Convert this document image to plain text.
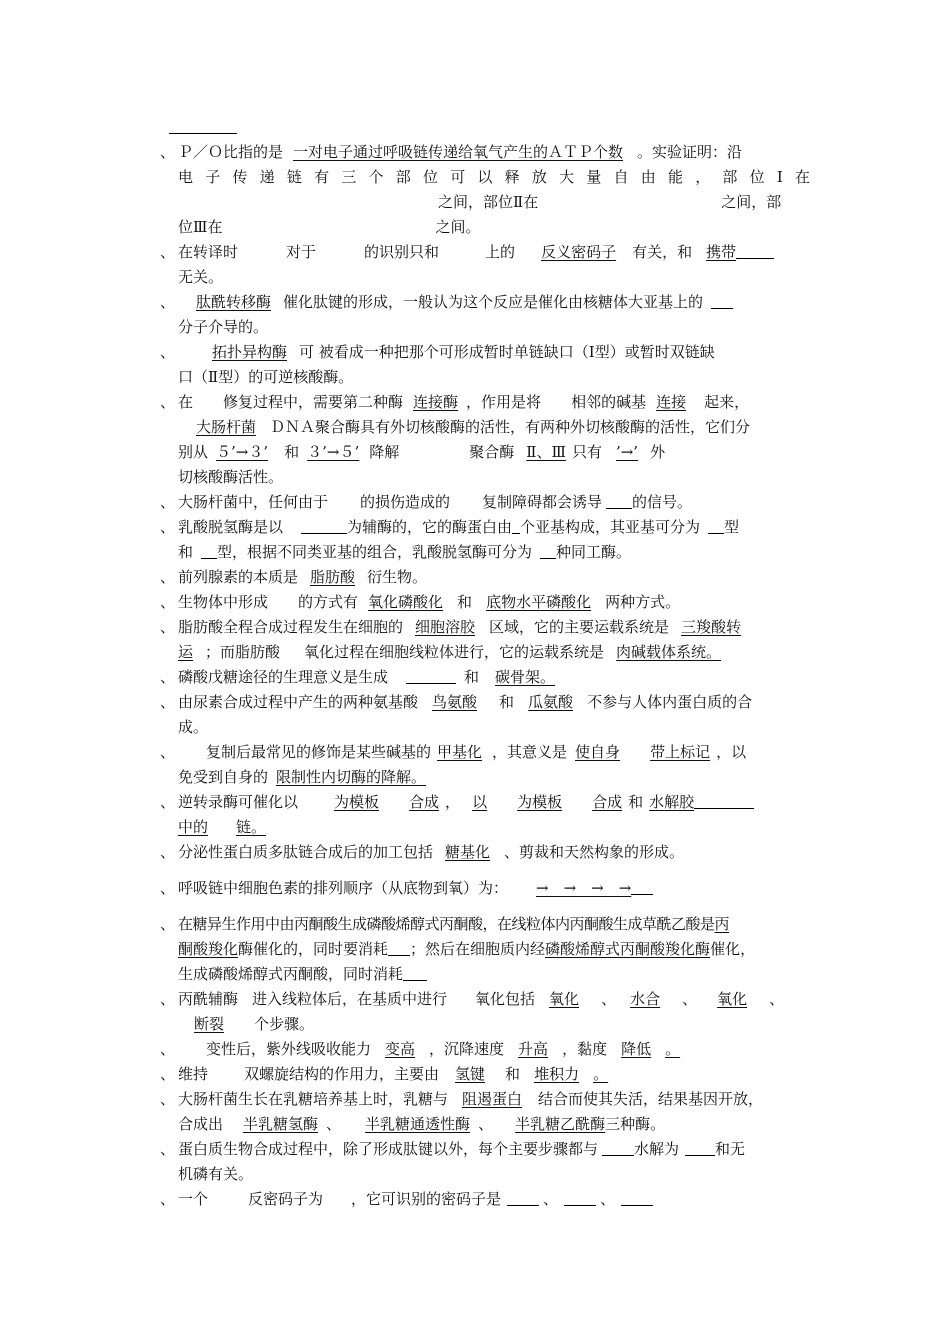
、 Ｐ／Ｏ比指的是 一对电子通过呼吸链传递给氧气产生的ＡＴＰ个数 。实验证明：沿
电 子 传 递 链 有 三 个 部 位 可 以 释 放 大 量 自 由 能 ， 部 位 Ⅰ 在
之间，部位Ⅱ在	之间，部
位Ⅲ在	之间。
、 在转译时	对于	的识别只和	上的 反义密码子 有关，和 携带
无关。
、	肽酰转移酶 催化肽键的形成，一般认为这个反应是催化由核糖体大亚基上的
分子介导的。
、	拓扑异构酶 可 被看成一种把那个可形成暂时单链缺口（Ⅰ型）或暂时双链缺
口（Ⅱ型）的可逆核酸酶。
、 在 修复过程中，需要第二种酶 连接酶 ，作用是将 相邻的碱基 连接 起来，
大肠杆菌 ＤＮＡ聚合酶具有外切核酸酶的活性，有两种外切核酸酶的活性，它们分
别从 ５’→３’ 和 ３’→５’ 降解	聚合酶 Ⅱ、Ⅲ 只有 ’→’ 外
切核酸酶活性。
、 大肠杆菌中，任何由于 的损伤造成的 复制障碍都会诱导 的信号。
、 乳酸脱氢酶是以	为辅酶的，它的酶蛋白由 个亚基构成，其亚基可分为 型
和 型，根据不同类亚基的组合，乳酸脱氢酶可分为 种同工酶。
、 前列腺素的本质是 脂肪酸 衍生物。
、 生物体中形成 的方式有 氧化磷酸化 和 底物水平磷酸化 两种方式。
、 脂肪酸全程合成过程发生在细胞的 细胞溶胶 区域，它的主要运载系统是 三羧酸转
运 ；而脂肪酸 氧化过程在细胞线粒体进行，它的运载系统是 肉碱载体系统。
、 磷酸戊糖途径的生理意义是生成	和 碳骨架。
、 由尿素合成过程中产生的两种氨基酸 鸟氨酸 和 瓜氨酸 不参与人体内蛋白质的合
成。
、	复制后最常见的修饰是某些碱基的 甲基化 ，其意义是 使自身 带上标记 ，以
免受到自身的 限制性内切酶的降解。
、 逆转录酶可催化以 为模板 合成 ， 以 为模板 合成 和 水解胶
中的 链。
、 分泌性蛋白质多肽链合成后的加工包括 糖基化 、剪裁和天然构象的形成。
、 呼吸链中细胞色素的排列顺序（从底物到氧）为： →　→　→　→
、 在糖异生作用中由丙酮酸生成磷酸烯醇式丙酮酸，在线粒体内丙酮酸生成草酰乙酸是丙
酮酸羧化酶催化的，同时要消耗 ；然后在细胞质内经磷酸烯醇式丙酮酸羧化酶催化，
生成磷酸烯醇式丙酮酸，同时消耗
、 丙酰辅酶 进入线粒体后，在基质中进行 氧化包括 氧化 、 水合 、 氧化 、
断裂 个步骤。
、	变性后，紫外线吸收能力 变高 ，沉降速度 升高 ，黏度 降低 。
、 维持 双螺旋结构的作用力，主要由 氢键 和 堆积力 。
、 大肠杆菌生长在乳糖培养基上时，乳糖与 阻遏蛋白 结合而使其失活，结果基因开放，
合成出 半乳糖氢酶 、 半乳糖通透性酶 、 半乳糖乙酰酶三种酶。
、 蛋白质生物合成过程中，除了形成肽键以外，每个主要步骤都与 水解为 和无
机磷有关。
、 一个	反密码子为 ，它可识别的密码子是	、	、
